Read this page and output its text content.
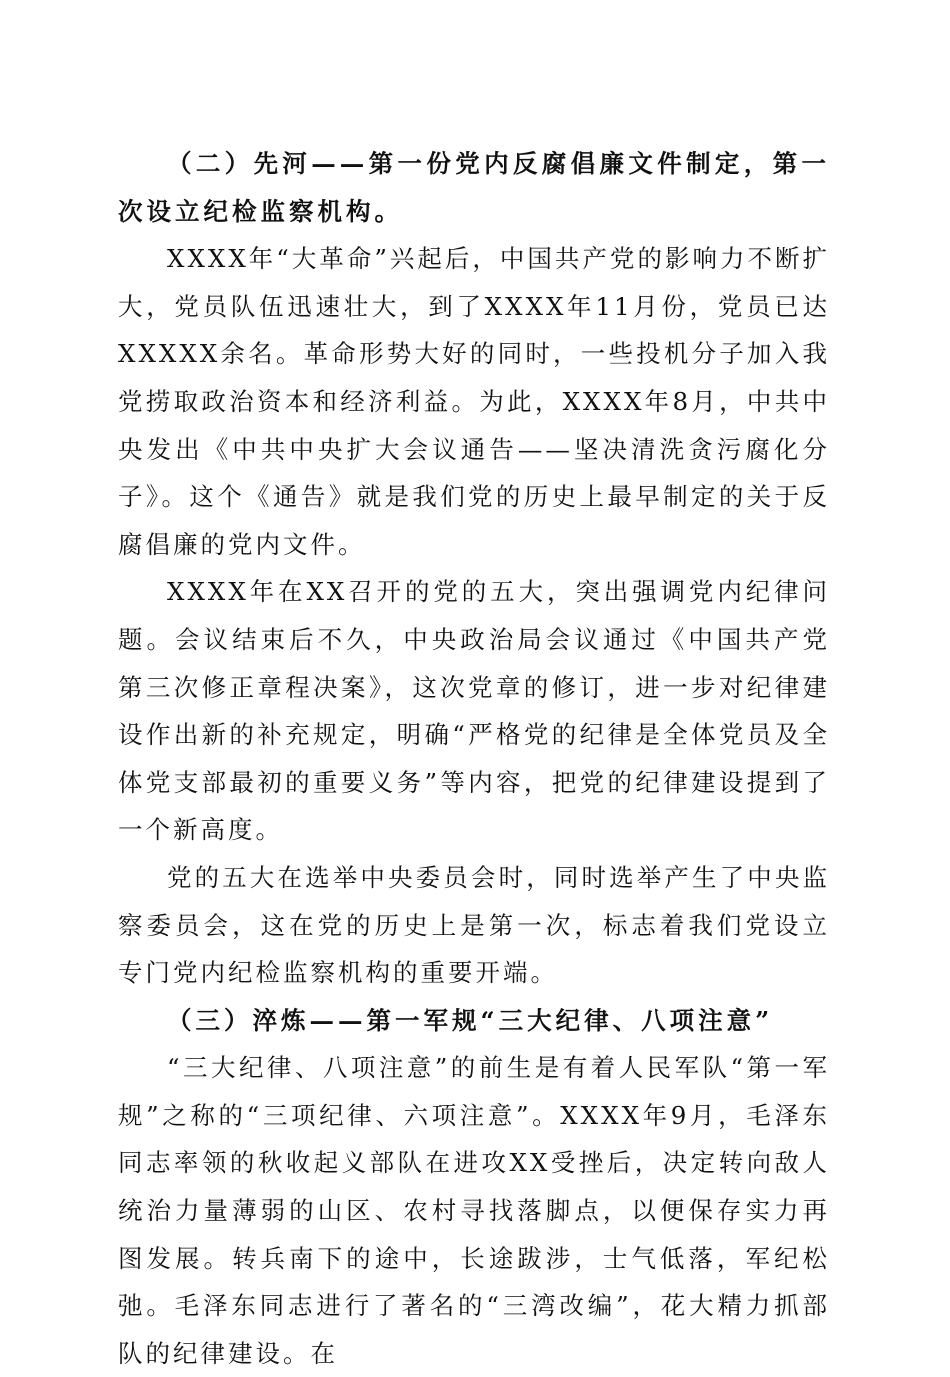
（二）先河——第一份党内反腐倡廉文件制定，第一次设立纪检监察机构。

XXXX年“大革命”兴起后，中国共产党的影响力不断扩大，党员队伍迅速壮大，到了XXXX年11月份，党员已达XXXXX余名。革命形势大好的同时，一些投机分子加入我党捞取政治资本和经济利益。为此，XXXX年8月，中共中央发出《中共中央扩大会议通告——坚决清洗贪污腐化分子》。这个《通告》就是我们党的历史上最早制定的关于反腐倡廉的党内文件。

XXXX年在XX召开的党的五大，突出强调党内纪律问题。会议结束后不久，中央政治局会议通过《中国共产党第三次修正章程决案》，这次党章的修订，进一步对纪律建设作出新的补充规定，明确“严格党的纪律是全体党员及全体党支部最初的重要义务”等内容，把党的纪律建设提到了一个新高度。

党的五大在选举中央委员会时，同时选举产生了中央监察委员会，这在党的历史上是第一次，标志着我们党设立专门党内纪检监察机构的重要开端。

（三）淬炼——第一军规“三大纪律、八项注意”

“三大纪律、八项注意”的前生是有着人民军队“第一军规”之称的“三项纪律、六项注意”。XXXX年9月，毛泽东同志率领的秋收起义部队在进攻XX受挫后，决定转向敌人统治力量薄弱的山区、农村寻找落脚点，以便保存实力再图发展。转兵南下的途中，长途跋涉，士气低落，军纪松弛。毛泽东同志进行了著名的“三湾改编”，花大精力抓部队的纪律建设。在
